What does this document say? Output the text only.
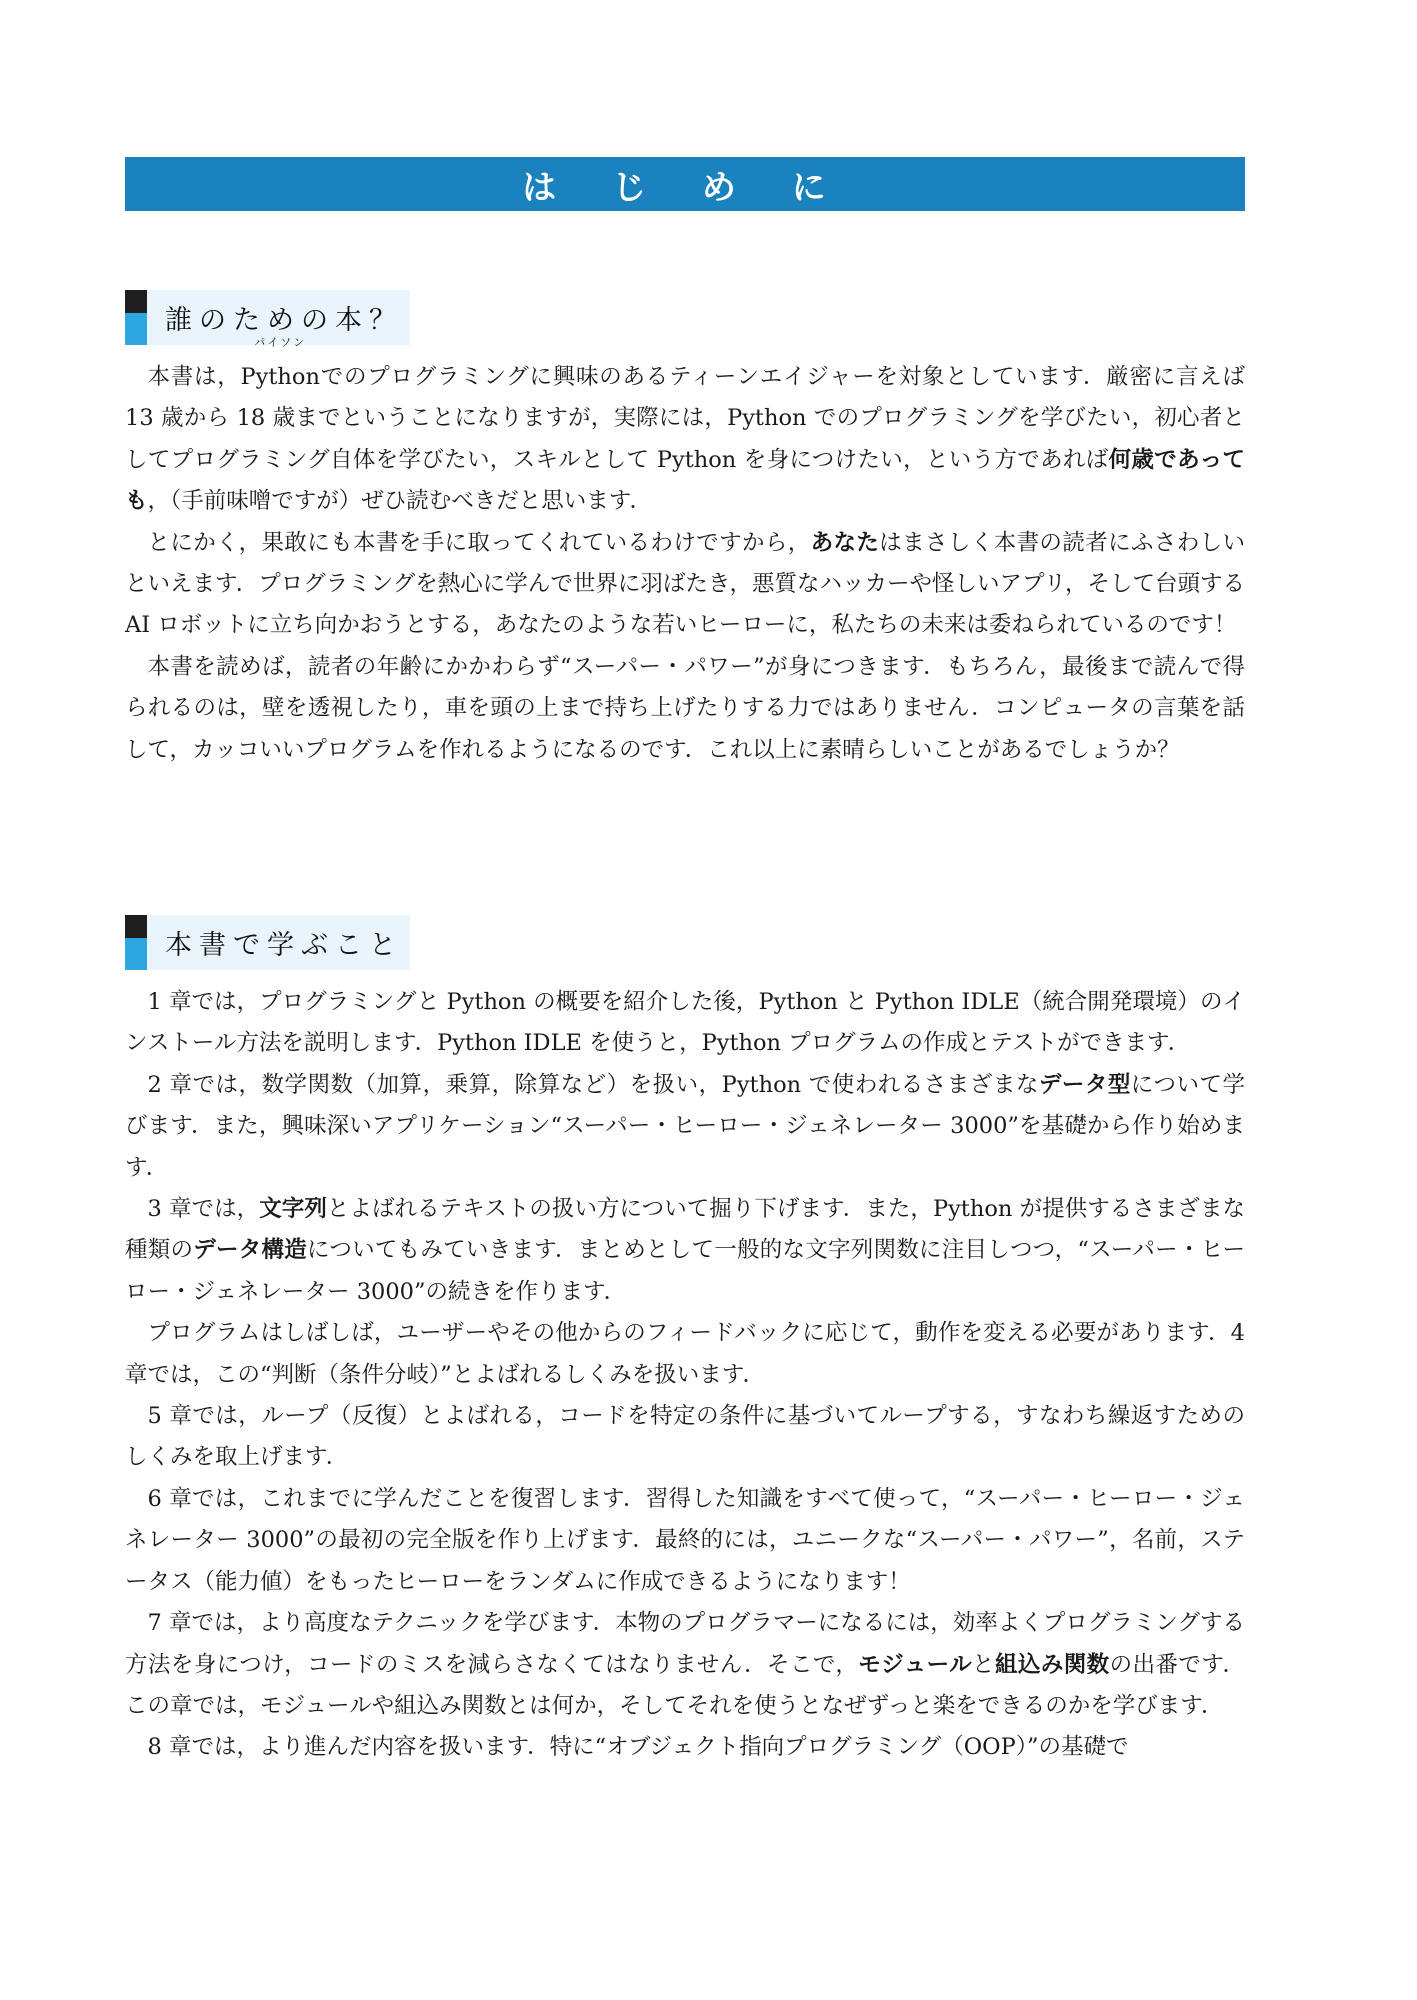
は じ め に
誰のための本？

本書は，
パイソン
Pythonでのプログラミングに興味のあるティーンエイジャーを対象としています．厳密に言えば 13 歳から 18 歳までということになりますが，実際には，Python でのプログラミングを学びたい，初心者としてプログラミング自体を学びたい，スキルとして Python を身につけたい，という方であれば何歳であっても，（手前味噌ですが）ぜひ読むべきだと思います．

とにかく，果敢にも本書を手に取ってくれているわけですから，あなたはまさしく本書の読者にふさわしいといえます．プログラミングを熱心に学んで世界に羽ばたき，悪質なハッカーや怪しいアプリ，そして台頭する AI ロボットに立ち向かおうとする，あなたのような若いヒーローに，私たちの未来は委ねられているのです！

本書を読めば，読者の年齢にかかわらず“スーパー・パワー”が身につきます．もちろん，最後まで読んで得られるのは，壁を透視したり，車を頭の上まで持ち上げたりする力ではありません．コンピュータの言葉を話して，カッコいいプログラムを作れるようになるのです．これ以上に素晴らしいことがあるでしょうか？

本書で学ぶこと

1 章では，プログラミングと Python の概要を紹介した後，Python と Python IDLE（統合開発環境）のインストール方法を説明します．Python IDLE を使うと，Python プログラムの作成とテストができます．

2 章では，数学関数（加算，乗算，除算など）を扱い，Python で使われるさまざまなデータ型について学びます．また，興味深いアプリケーション“スーパー・ヒーロー・ジェネレーター 3000”を基礎から作り始めます．

3 章では，文字列とよばれるテキストの扱い方について掘り下げます．また，Python が提供するさまざまな種類のデータ構造についてもみていきます．まとめとして一般的な文字列関数に注目しつつ，“スーパー・ヒーロー・ジェネレーター 3000”の続きを作ります．

プログラムはしばしば，ユーザーやその他からのフィードバックに応じて，動作を変える必要があります．4 章では，この“判断（条件分岐）”とよばれるしくみを扱います．

5 章では，ループ（反復）とよばれる，コードを特定の条件に基づいてループする，すなわち繰返すためのしくみを取上げます．

6 章では，これまでに学んだことを復習します．習得した知識をすべて使って，“スーパー・ヒーロー・ジェネレーター 3000”の最初の完全版を作り上げます．最終的には，ユニークな“スーパー・パワー”，名前，ステータス（能力値）をもったヒーローをランダムに作成できるようになります！

7 章では，より高度なテクニックを学びます．本物のプログラマーになるには，効率よくプログラミングする方法を身につけ，コードのミスを減らさなくてはなりません．そこで，モジュールと組込み関数の出番です．この章では，モジュールや組込み関数とは何か，そしてそれを使うとなぜずっと楽をできるのかを学びます．

8 章では，より進んだ内容を扱います．特に“オブジェクト指向プログラミング（OOP）”の基礎で
